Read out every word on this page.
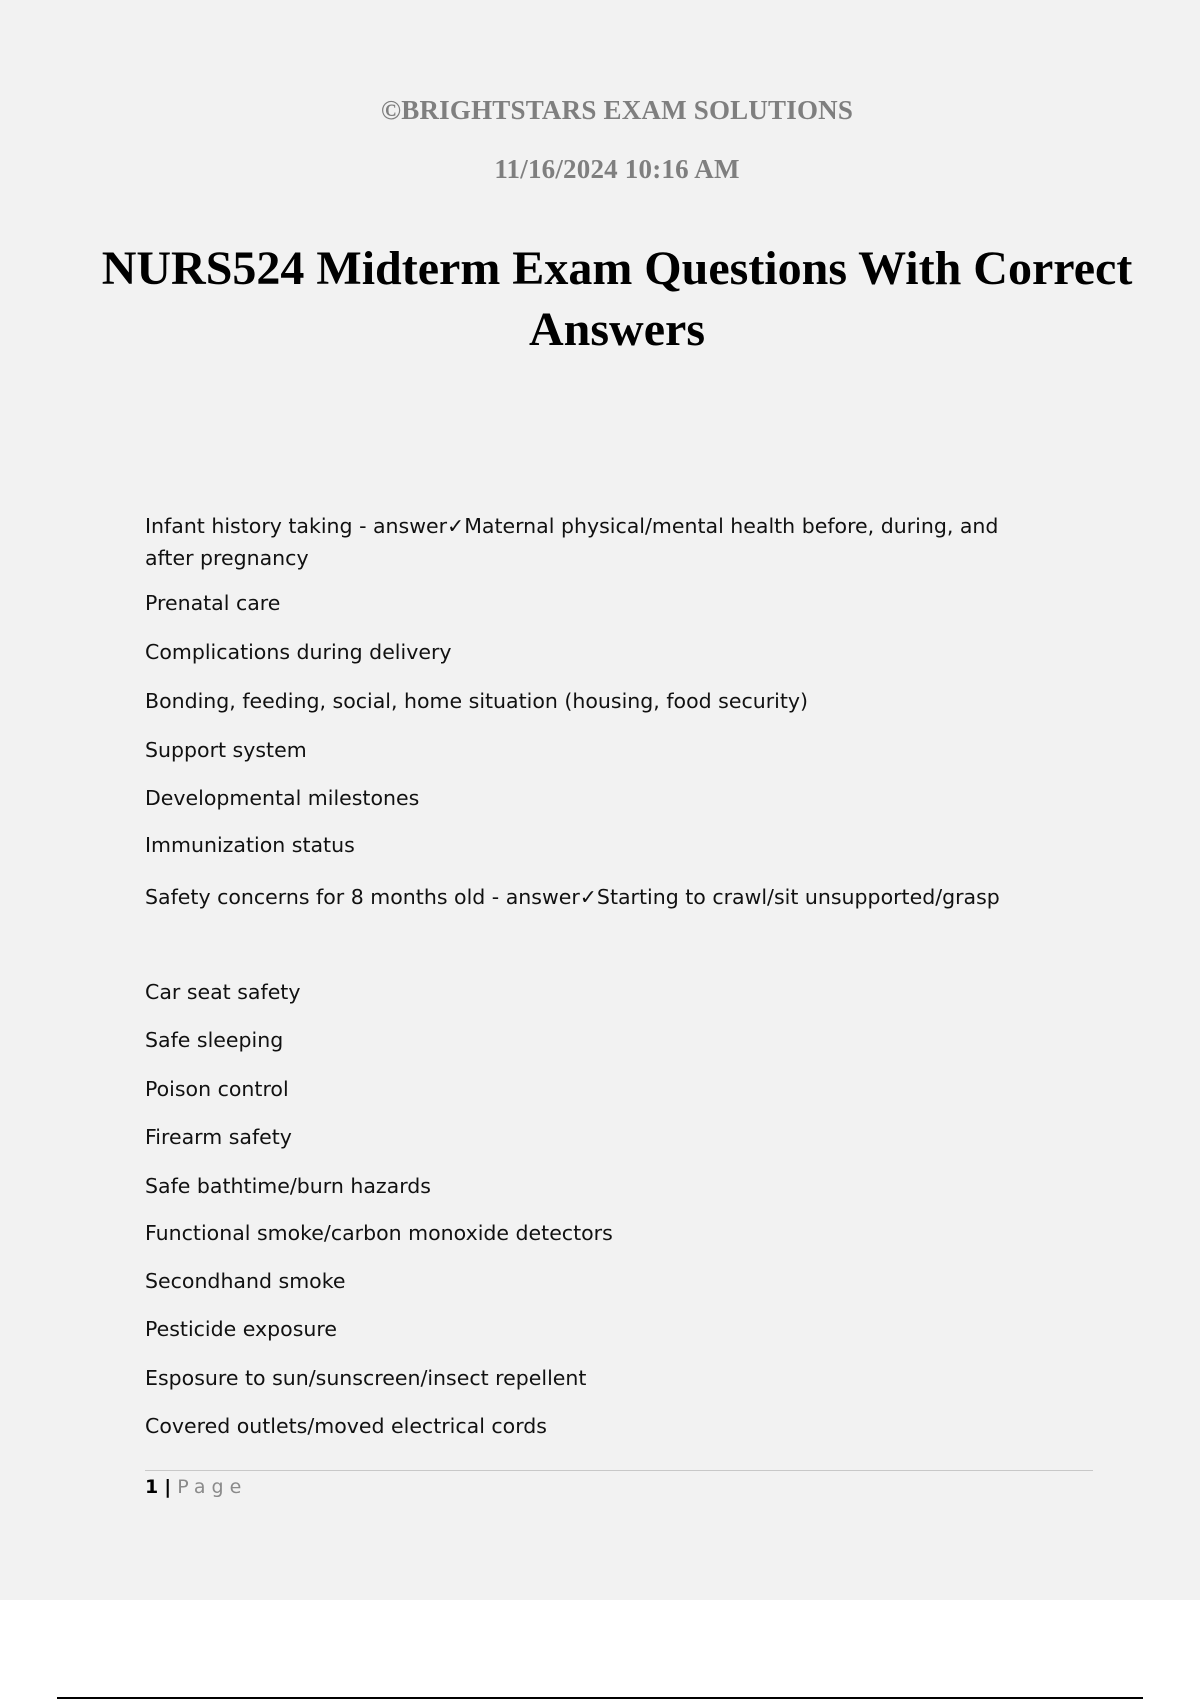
©BRIGHTSTARS EXAM SOLUTIONS
11/16/2024 10:16 AM
NURS524 Midterm Exam Questions With Correct Answers
Infant history taking - answer✓Maternal physical/mental health before, during, and after pregnancy
Prenatal care
Complications during delivery
Bonding, feeding, social, home situation (housing, food security)
Support system
Developmental milestones
Immunization status
Safety concerns for 8 months old - answer✓Starting to crawl/sit unsupported/grasp
Car seat safety
Safe sleeping
Poison control
Firearm safety
Safe bathtime/burn hazards
Functional smoke/carbon monoxide detectors
Secondhand smoke
Pesticide exposure
Esposure to sun/sunscreen/insect repellent
Covered outlets/moved electrical cords
1 | Page
